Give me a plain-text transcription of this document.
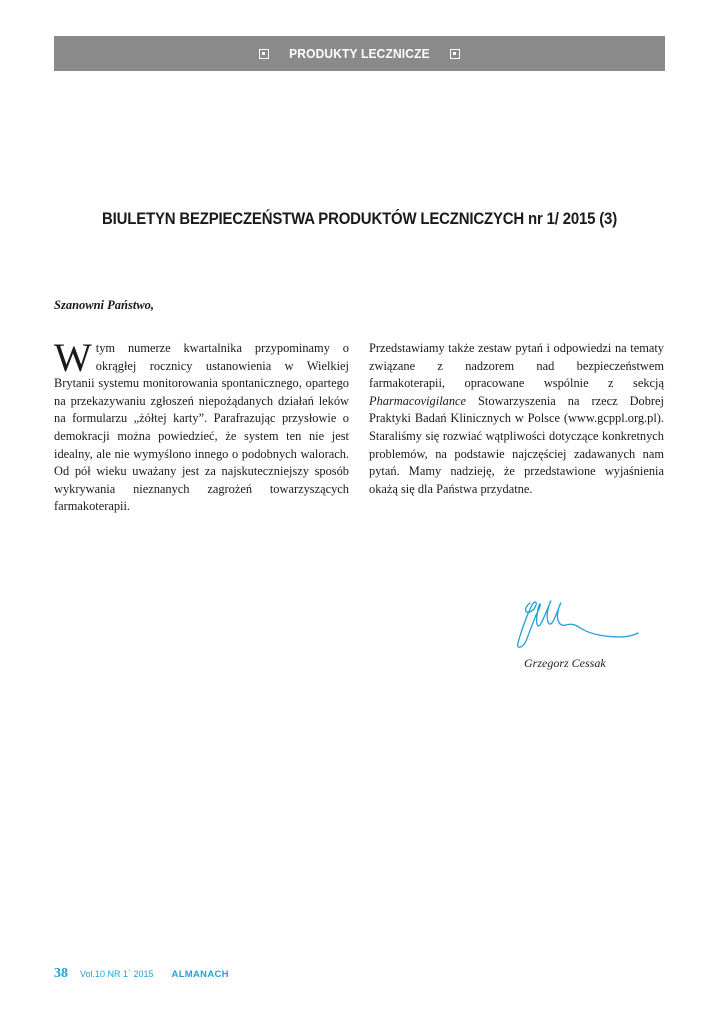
PRODUKTY LECZNICZE
BIULETYN BEZPIECZEŃSTWA PRODUKTÓW LECZNICZYCH nr 1/ 2015 (3)

Szanowni Państwo,

W tym numerze kwartalnika przypominamy o okrągłej rocznicy ustanowienia w Wielkiej Brytanii systemu monitorowania spontanicznego, opartego na przekazywaniu zgłoszeń niepożądanych działań leków na formularzu „żółtej karty”. Parafrazując przysłowie o demokracji można powiedzieć, że system ten nie jest idealny, ale nie wymyślono innego o podobnych walorach. Od pół wieku uważany jest za najskuteczniejszy sposób wykrywania nieznanych zagrożeń towarzyszących farmakoterapii.

Przedstawiamy także zestaw pytań i odpowiedzi na tematy związane z nadzorem nad bezpieczeństwem farmakoterapii, opracowane wspólnie z sekcją Pharmacovigilance Stowarzyszenia na rzecz Dobrej Praktyki Badań Klinicznych w Polsce (www.gcppl.org.pl). Staraliśmy się rozwiać wątpliwości dotyczące konkretnych problemów, na podstawie najczęściej zadawanych nam pytań. Mamy nadzieję, że przedstawione wyjaśnienia okażą się dla Państwa przydatne.

Grzegorz Cessak

38 Vol.10 NR 1` 2015 ALMANACH
